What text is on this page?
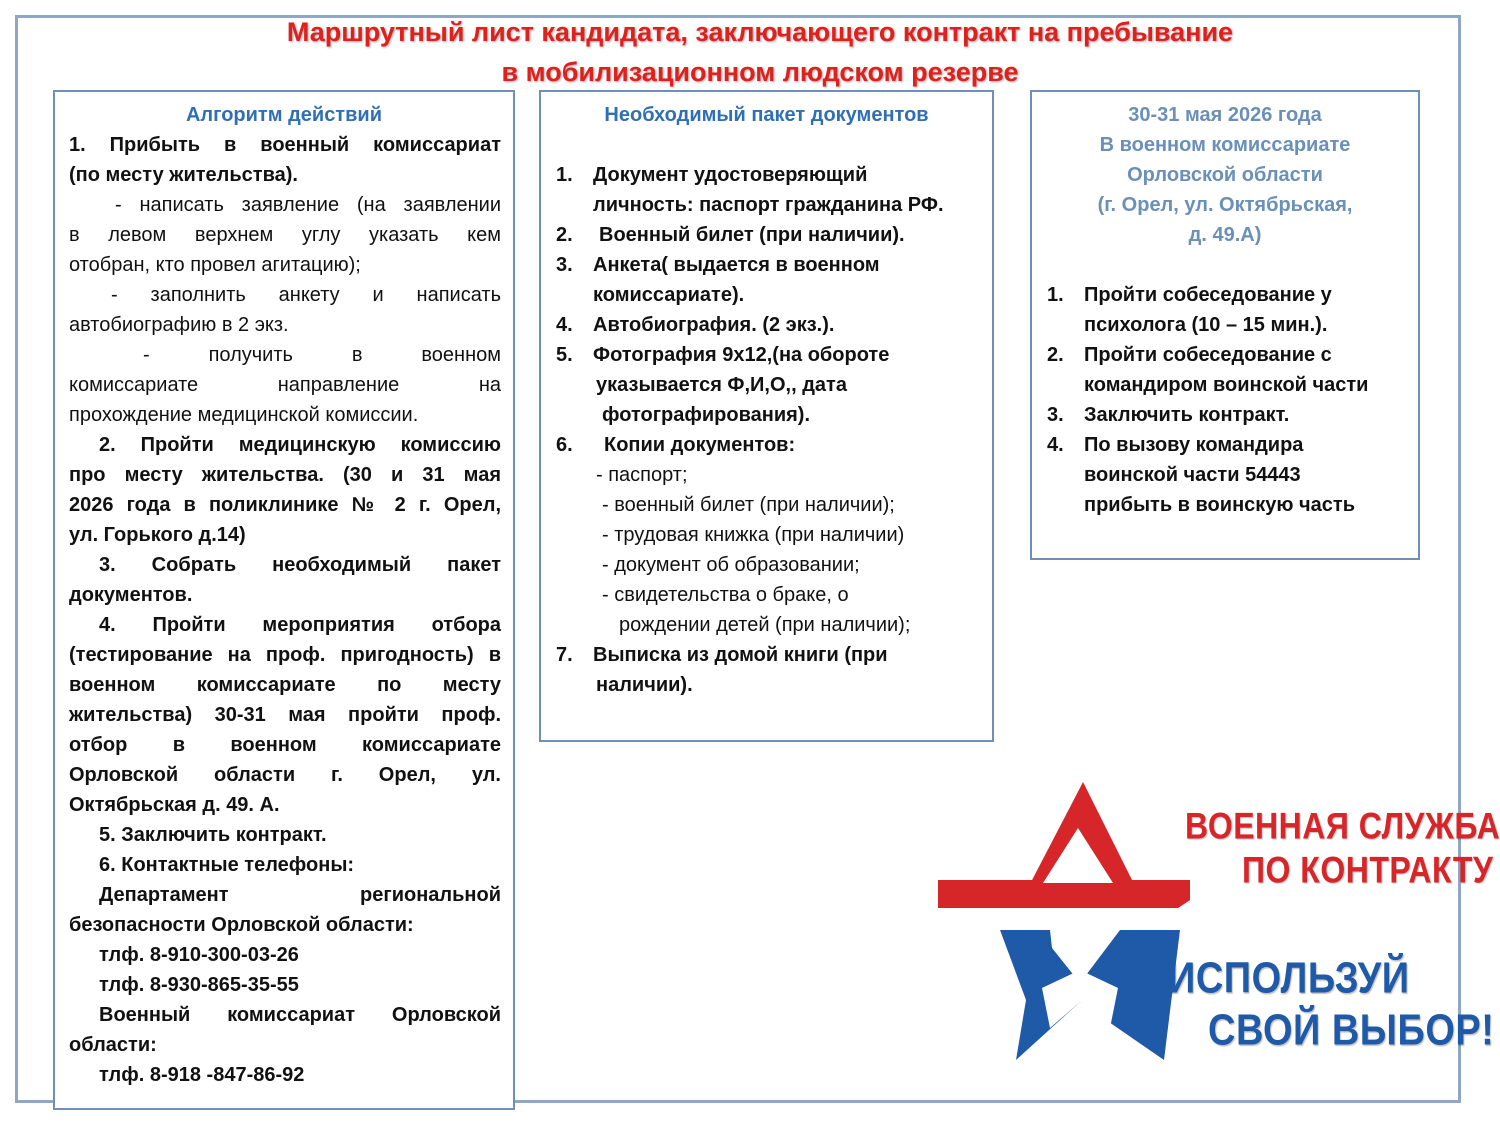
Маршрутный лист кандидата, заключающего контракт на пребывание
в мобилизационном людском резерве
Алгоритм действий
1. Прибыть в военный комиссариат
(по месту жительства).
- написать заявление (на заявлении
в левом верхнем углу указать кем
отобран, кто провел агитацию);
- заполнить анкету и написать
автобиографию в 2 экз.
- получить в военном
комиссариате направление на
прохождение медицинской комиссии.
2. Пройти медицинскую комиссию
про месту жительства. (30 и 31 мая
2026 года в поликлинике № 2 г. Орел,
ул. Горького д.14)
3. Собрать необходимый пакет
документов.
4. Пройти мероприятия отбора
(тестирование на проф. пригодность) в
военном комиссариате по месту
жительства) 30-31 мая пройти проф.
отбор в военном комиссариате
Орловской области г. Орел, ул.
Октябрьская д. 49. А.
5. Заключить контракт.
6. Контактные телефоны:
Департамент региональной
безопасности Орловской области:
тлф. 8-910-300-03-26
тлф. 8-930-865-35-55
Военный комиссариат Орловской
области:
тлф. 8-918 -847-86-92
Необходимый пакет документов
1. Документ удостоверяющий
личность: паспорт гражданина РФ.
2. Военный билет (при наличии).
3. Анкета( выдается в военном
комиссариате).
4. Автобиография. (2 экз.).
5. Фотография 9х12,(на обороте
указывается Ф,И,О,, дата
фотографирования).
6. Копии документов:
- паспорт;
- военный билет (при наличии);
- трудовая книжка (при наличии)
- документ об образовании;
- свидетельства о браке, о
рождении детей (при наличии);
7. Выписка из домой книги (при
наличии).
30-31 мая 2026 года
В военном комиссариате
Орловской области
(г. Орел, ул. Октябрьская,
д. 49.А)
1. Пройти собеседование у
психолога (10 – 15 мин.).
2. Пройти собеседование с
командиром воинской части
3. Заключить контракт.
4. По вызову командира
воинской части 54443
прибыть в воинскую часть
ВОЕННАЯ СЛУЖБА
ПО КОНТРАКТУ
ИСПОЛЬЗУЙ
СВОЙ ВЫБОР!
